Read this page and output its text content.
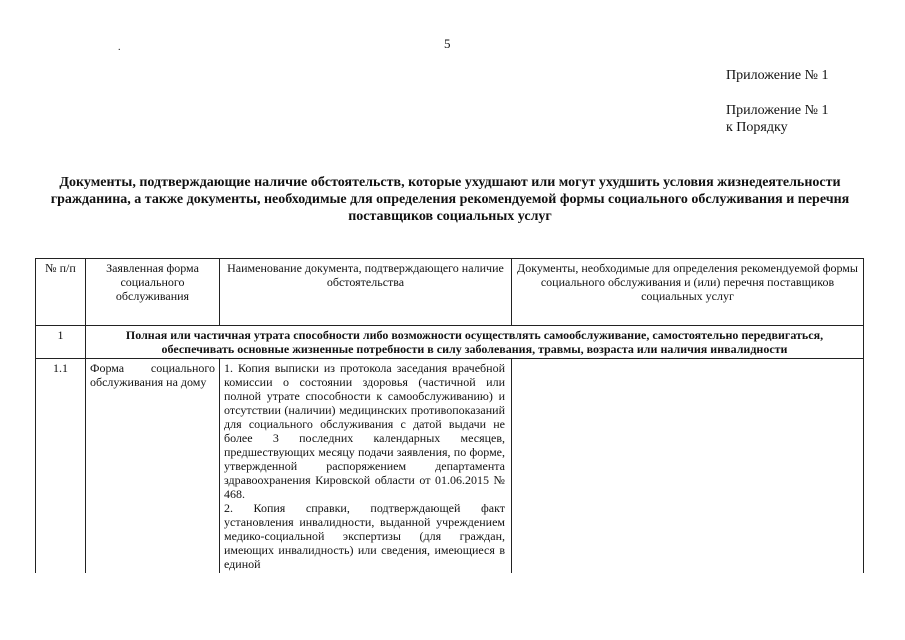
5
.
Приложение № 1
Приложение № 1
к Порядку
Документы, подтверждающие наличие обстоятельств, которые ухудшают или могут ухудшить условия жизнедеятельности гражданина, а также документы, необходимые для определения рекомендуемой формы социального обслуживания и перечня поставщиков социальных услуг
№ п/п	Заявленная форма социального обслуживания	Наименование документа, подтверждающего наличие обстоятельства	Документы, необходимые для определения рекомендуемой формы социального обслуживания и (или) перечня поставщиков социальных услуг
1	Полная или частичная утрата способности либо возможности осуществлять самообслуживание, самостоятельно передвигаться, обеспечивать основные жизненные потребности в силу заболевания, травмы, возраста или наличия инвалидности		
1.1	Форма социального обслуживания на дому	1. Копия выписки из протокола заседания врачебной комиссии о состоянии здоровья (частичной или полной утрате способности к самообслуживанию) и отсутствии (наличии) медицинских противопоказаний для социального обслуживания с датой выдачи не более 3 последних календарных месяцев, предшествующих месяцу подачи заявления, по форме, утвержденной распоряжением департамента здравоохранения Кировской области от 01.06.2015 № 468.

2. Копия справки, подтверждающей факт установления инвалидности, выданной учреждением медико-социальной экспертизы (для граждан, имеющих инвалидность) или сведения, имеющиеся в единой	
